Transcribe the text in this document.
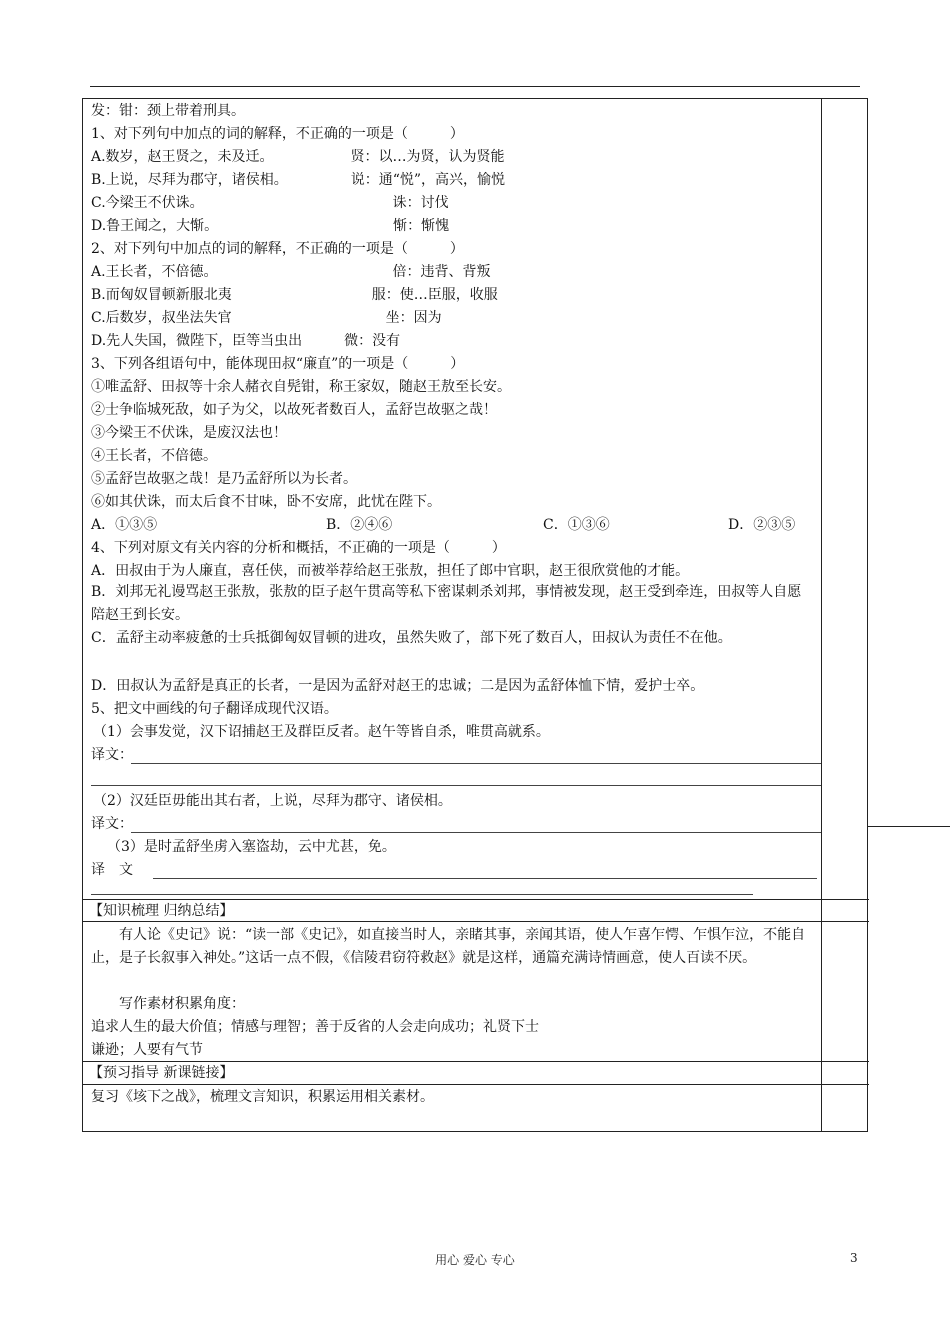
发：钳：颈上带着刑具。
1、对下列句中加点的词的解释，不正确的一项是（　　　）
A.数岁，赵王贤之，未及迁。　　　　　　贤：以…为贤，认为贤能
B.上说，尽拜为郡守，诸侯相。　　　　　说：通“悦”，高兴，愉悦
C.今梁王不伏诛。　　　　　　　　　　　　　　诛：讨伐
D.鲁王闻之，大惭。　　　　　　　　　　　　　惭：惭愧
2、对下列句中加点的词的解释，不正确的一项是（　　　）
A.王长者，不倍德。　　　　　　　　　　　　　倍：违背、背叛
B.而匈奴冒顿新服北夷　　　　　　　　　　服：使…臣服，收服
C.后数岁，叔坐法失官　　　　　　　　　　　坐：因为
D.先人失国，微陛下，臣等当虫出　　　微：没有
3、下列各组语句中，能体现田叔“廉直”的一项是（　　　）
①唯孟舒、田叔等十余人赭衣自髡钳，称王家奴，随赵王敖至长安。
②士争临城死敌，如子为父，以故死者数百人，孟舒岂故驱之哉！
③今梁王不伏诛，是废汉法也！
④王长者，不倍德。
⑤孟舒岂故驱之哉！是乃孟舒所以为长者。
⑥如其伏诛，而太后食不甘味，卧不安席，此忧在陛下。
A．①③⑤	B．②④⑥	C．①③⑥	D．②③⑤
4、下列对原文有关内容的分析和概括，不正确的一项是（　　　）
A．田叔由于为人廉直，喜任侠，而被举荐给赵王张敖，担任了郎中官职，赵王很欣赏他的才能。
B．刘邦无礼谩骂赵王张敖，张敖的臣子赵午贯高等私下密谋刺杀刘邦，事情被发现，赵王受到牵连，田叔等人自愿陪赵王到长安。
C．孟舒主动率疲惫的士兵抵御匈奴冒顿的进攻，虽然失败了，部下死了数百人，田叔认为责任不在他。
D．田叔认为孟舒是真正的长者，一是因为孟舒对赵王的忠诚；二是因为孟舒体恤下情，爱护士卒。
5、把文中画线的句子翻译成现代汉语。
（1）会事发觉，汉下诏捕赵王及群臣反者。赵午等皆自杀，唯贯高就系。
译文：
（2）汉廷臣毋能出其右者，上说，尽拜为郡守、诸侯相。
译文：
（3）是时孟舒坐虏入塞盗劫，云中尤甚，免。
译　文
【知识梳理 归纳总结】
有人论《史记》说：“读一部《史记》，如直接当时人，亲睹其事，亲闻其语，使人乍喜乍愕、乍惧乍泣，不能自止，是子长叙事入神处。”这话一点不假，《信陵君窃符救赵》就是这样，通篇充满诗情画意，使人百读不厌。
写作素材积累角度：
追求人生的最大价值；情感与理智；善于反省的人会走向成功；礼贤下士
谦逊；人要有气节
【预习指导 新课链接】
复习《垓下之战》，梳理文言知识，积累运用相关素材。
用心 爱心 专心	3
